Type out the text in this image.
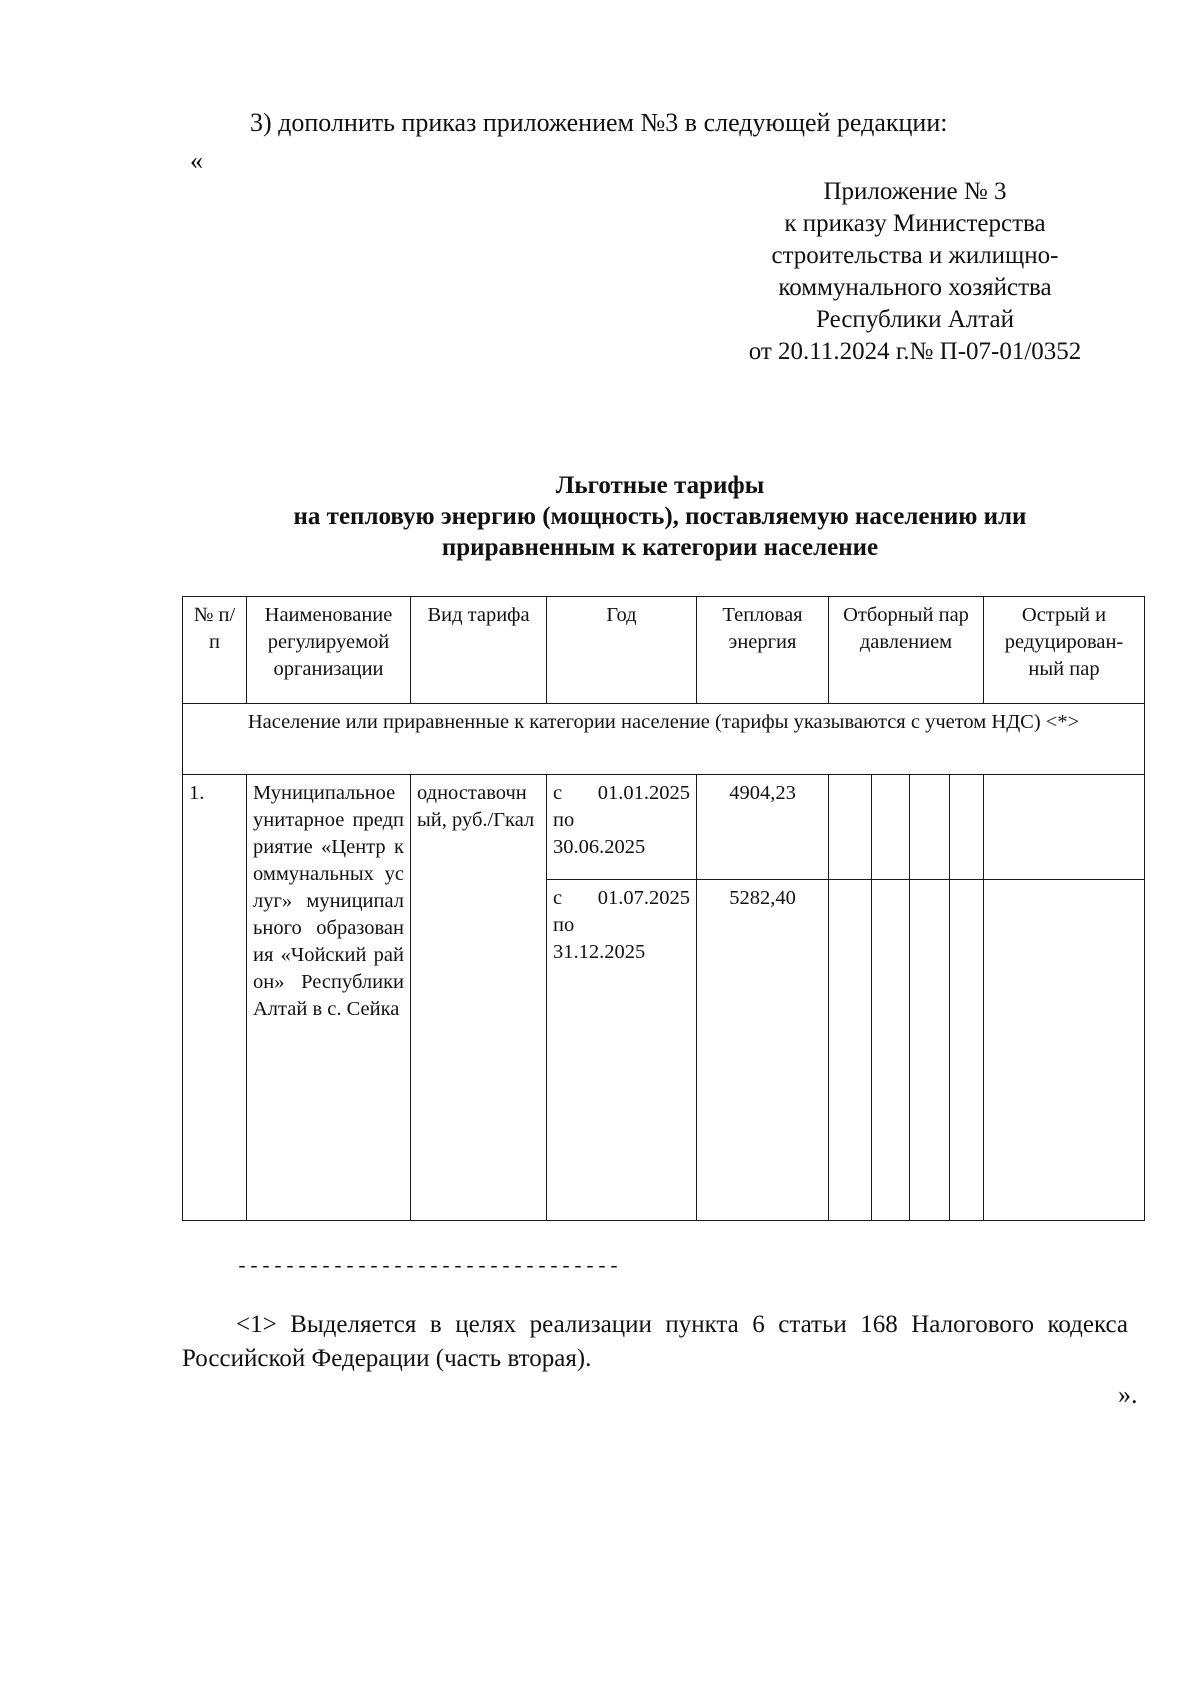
3) дополнить приказ приложением №3 в следующей редакции:
«
Приложение № 3
к приказу Министерства
строительства и жилищно-
коммунального хозяйства
Республики Алтай
от 20.11.2024 г.№ П-07-01/0352
Льготные тарифы
на тепловую энергию (мощность), поставляемую населению или
приравненным к категории население
№ п/п	Наименование регулируемой организации	Вид тарифа	Год	Тепловая энергия	Отборный пар давлением				Острый и редуцирован-ный пар
Население или приравненные к категории население (тарифы указываются с учетом НДС) <*>									
1.	Муниципальное унитарное предприятие «Центр коммунальных услуг» муниципального образования «Чойский район» Республики Алтай в с. Сейка	одноставочный, руб./Гкал	с 01.01.2025
по
30.06.2025	4904,23					

			с 01.07.2025
по
31.12.2025	5282,40					
--------------------------------
<1> Выделяется в целях реализации пункта 6 статьи 168 Налогового кодекса Российской Федерации (часть вторая).
».
